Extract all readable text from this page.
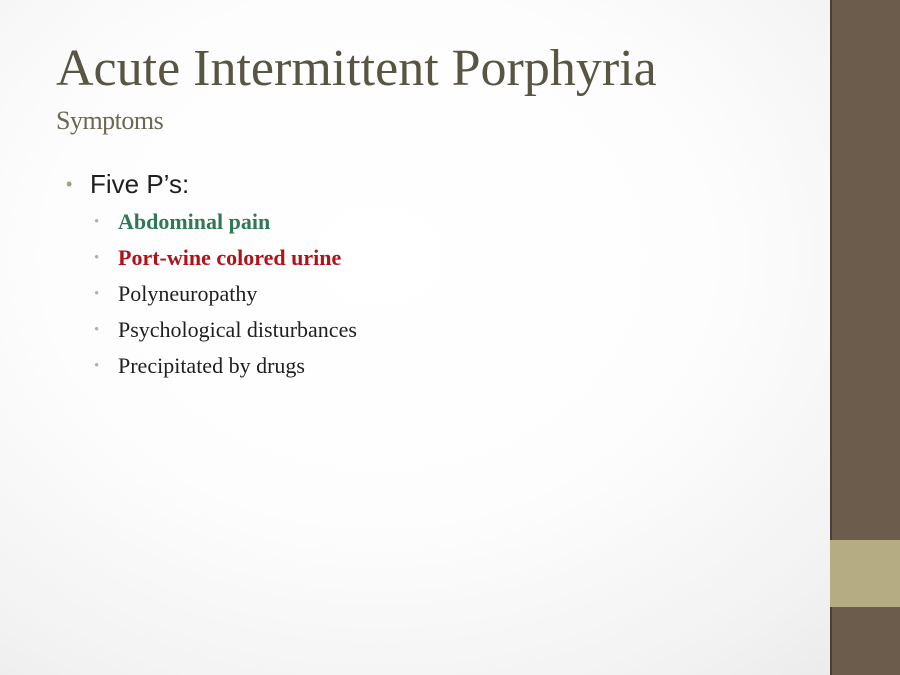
Acute Intermittent Porphyria
Symptoms
• Five P’s:
• Abdominal pain
• Port-wine colored urine
• Polyneuropathy
• Psychological disturbances
• Precipitated by drugs
